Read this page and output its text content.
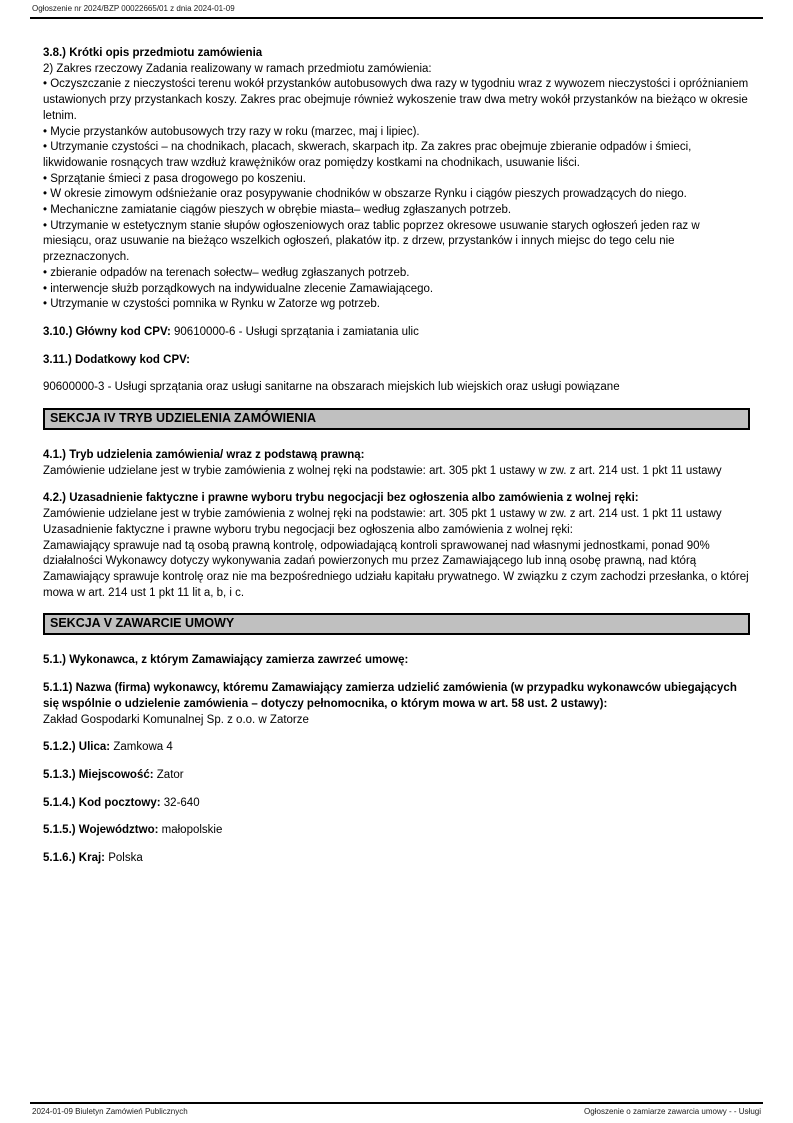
Ogłoszenie nr 2024/BZP 00022665/01 z dnia 2024-01-09
3.8.) Krótki opis przedmiotu zamówienia
2) Zakres rzeczowy Zadania realizowany w ramach przedmiotu zamówienia:
• Oczyszczanie z nieczystości terenu wokół przystanków autobusowych dwa razy w tygodniu wraz z wywozem nieczystości i opróżnianiem ustawionych przy przystankach koszy. Zakres prac obejmuje również wykoszenie traw dwa metry wokół przystanków na bieżąco w okresie letnim.
• Mycie przystanków autobusowych trzy razy w roku (marzec, maj i lipiec).
• Utrzymanie czystości – na chodnikach, placach, skwerach, skarpach itp. Za zakres prac obejmuje zbieranie odpadów i śmieci, likwidowanie rosnących traw wzdłuż krawężników oraz pomiędzy kostkami na chodnikach, usuwanie liści.
• Sprzątanie śmieci z pasa drogowego po koszeniu.
• W okresie zimowym odśnieżanie oraz posypywanie chodników w obszarze Rynku i ciągów pieszych prowadzących do niego.
• Mechaniczne zamiatanie ciągów pieszych w obrębie miasta– według zgłaszanych potrzeb.
• Utrzymanie w estetycznym stanie słupów ogłoszeniowych oraz tablic poprzez okresowe usuwanie starych ogłoszeń jeden raz w miesiącu, oraz usuwanie na bieżąco wszelkich ogłoszeń, plakatów itp. z drzew, przystanków i innych miejsc do tego celu nie przeznaczonych.
• zbieranie odpadów na terenach sołectw– według zgłaszanych potrzeb.
• interwencje służb porządkowych na indywidualne zlecenie Zamawiającego.
• Utrzymanie w czystości pomnika w Rynku w Zatorze wg potrzeb.

3.10.) Główny kod CPV: 90610000-6 - Usługi sprzątania i zamiatania ulic

3.11.) Dodatkowy kod CPV:

90600000-3 - Usługi sprzątania oraz usługi sanitarne na obszarach miejskich lub wiejskich oraz usługi powiązane

SEKCJA IV TRYB UDZIELENIA ZAMÓWIENIA
4.1.) Tryb udzielenia zamówienia/ wraz z podstawą prawną:
Zamówienie udzielane jest w trybie zamówienia z wolnej ręki na podstawie: art. 305 pkt 1 ustawy w zw. z art. 214 ust. 1 pkt 11 ustawy
4.2.) Uzasadnienie faktyczne i prawne wyboru trybu negocjacji bez ogłoszenia albo zamówienia z wolnej ręki:
Zamówienie udzielane jest w trybie zamówienia z wolnej ręki na podstawie: art. 305 pkt 1 ustawy w zw. z art. 214 ust. 1 pkt 11 ustawy
Uzasadnienie faktyczne i prawne wyboru trybu negocjacji bez ogłoszenia albo zamówienia z wolnej ręki:
Zamawiający sprawuje nad tą osobą prawną kontrolę, odpowiadającą kontroli sprawowanej nad własnymi jednostkami, ponad 90% działalności Wykonawcy dotyczy wykonywania zadań powierzonych mu przez Zamawiającego lub inną osobę prawną, nad którą Zamawiający sprawuje kontrolę oraz nie ma bezpośredniego udziału kapitału prywatnego. W związku z czym zachodzi przesłanka, o której mowa w art. 214 ust 1 pkt 11 lit a, b, i c.
SEKCJA V ZAWARCIE UMOWY

5.1.) Wykonawca, z którym Zamawiający zamierza zawrzeć umowę:

5.1.1) Nazwa (firma) wykonawcy, któremu Zamawiający zamierza udzielić zamówienia (w przypadku wykonawców ubiegających się wspólnie o udzielenie zamówienia – dotyczy pełnomocnika, o którym mowa w art. 58 ust. 2 ustawy):
Zakład Gospodarki Komunalnej Sp. z o.o. w Zatorze

5.1.2.) Ulica: Zamkowa 4

5.1.3.) Miejscowość: Zator

5.1.4.) Kod pocztowy: 32-640

5.1.5.) Województwo: małopolskie

5.1.6.) Kraj: Polska

2024-01-09 Biuletyn Zamówień Publicznych	Ogłoszenie o zamiarze zawarcia umowy - - Usługi
